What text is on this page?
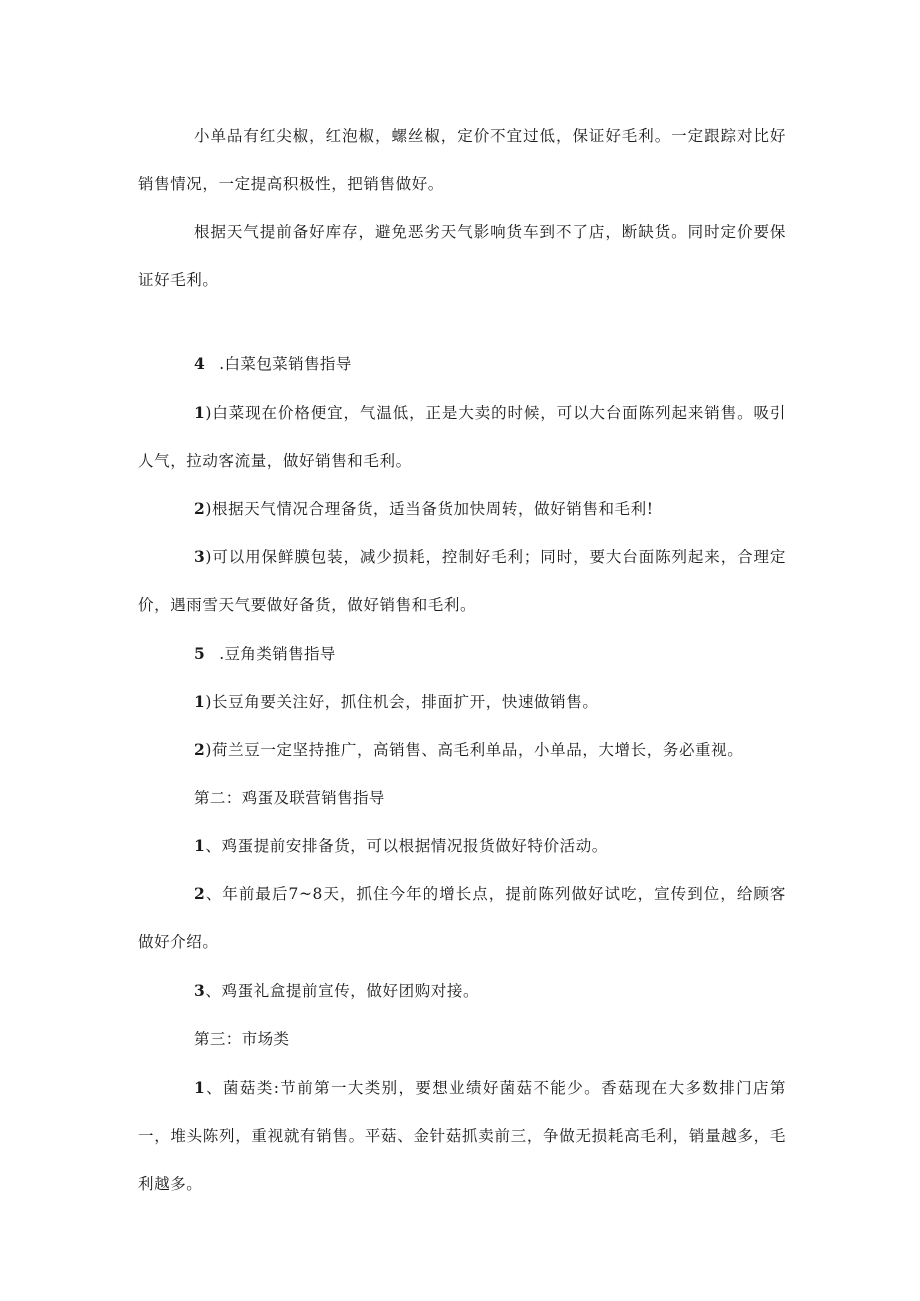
小单品有红尖椒，红泡椒，螺丝椒，定价不宜过低，保证好毛利。一定跟踪对比好销售情况，一定提高积极性，把销售做好。

根据天气提前备好库存，避免恶劣天气影响货车到不了店，断缺货。同时定价要保证好毛利。

4 .白菜包菜销售指导

1)白菜现在价格便宜，气温低，正是大卖的时候，可以大台面陈列起来销售。吸引人气，拉动客流量，做好销售和毛利。

2)根据天气情况合理备货，适当备货加快周转，做好销售和毛利!

3)可以用保鲜膜包装，减少损耗，控制好毛利；同时，要大台面陈列起来，合理定价，遇雨雪天气要做好备货，做好销售和毛利。

5 .豆角类销售指导

1)长豆角要关注好，抓住机会，排面扩开，快速做销售。

2)荷兰豆一定坚持推广，高销售、高毛利单品，小单品，大增长，务必重视。

第二：鸡蛋及联营销售指导

1、鸡蛋提前安排备货，可以根据情况报货做好特价活动。

2、年前最后7~8天，抓住今年的增长点，提前陈列做好试吃，宣传到位，给顾客做好介绍。

3、鸡蛋礼盒提前宣传，做好团购对接。

第三：市场类

1、菌菇类:节前第一大类别，要想业绩好菌菇不能少。香菇现在大多数排门店第一，堆头陈列，重视就有销售。平菇、金针菇抓卖前三，争做无损耗高毛利，销量越多，毛利越多。
